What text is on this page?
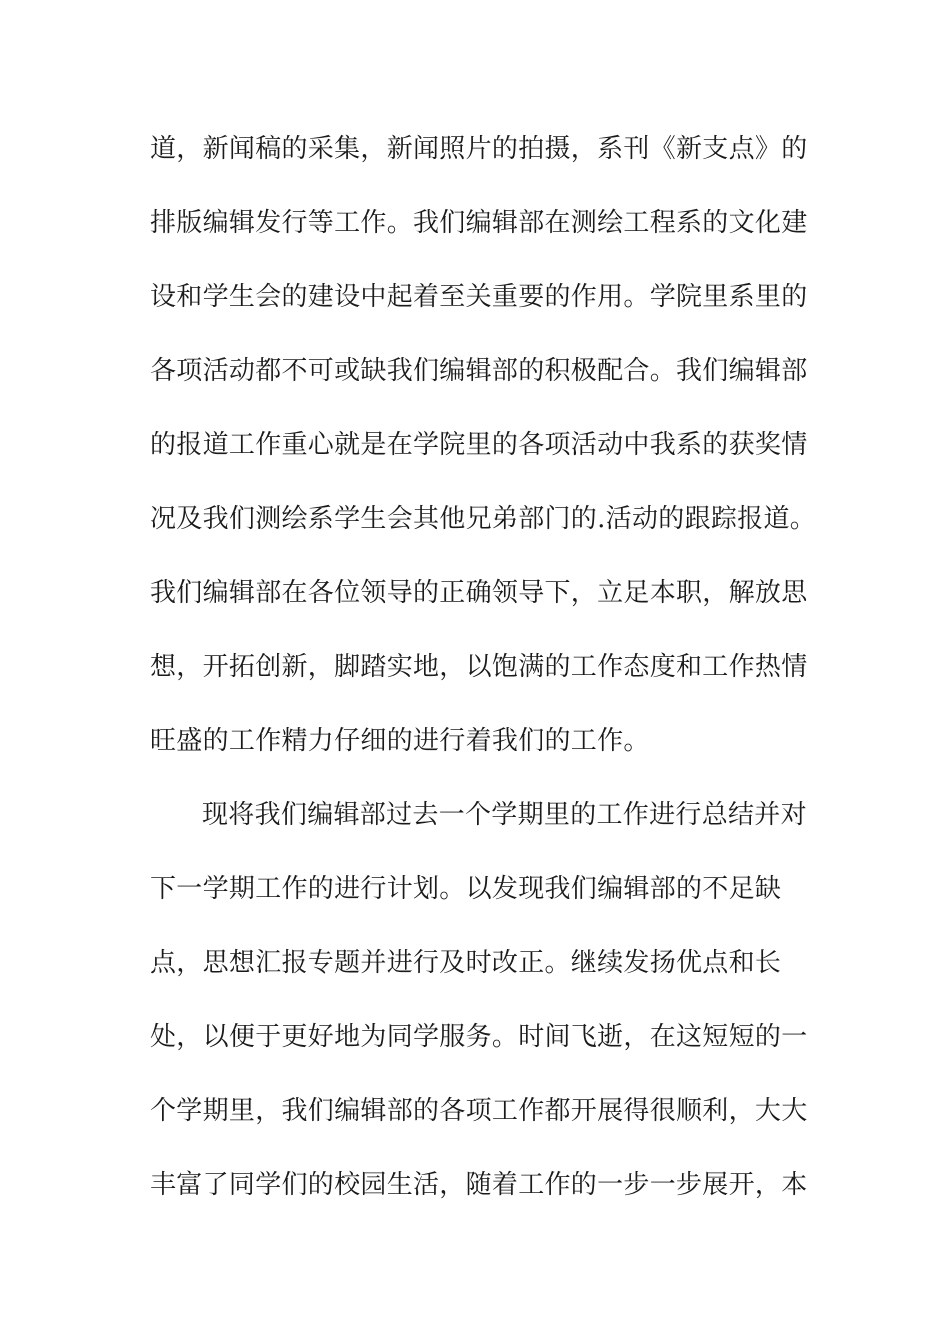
道，新闻稿的采集，新闻照片的拍摄，系刊《新支点》的
排版编辑发行等工作。我们编辑部在测绘工程系的文化建
设和学生会的建设中起着至关重要的作用。学院里系里的
各项活动都不可或缺我们编辑部的积极配合。我们编辑部
的报道工作重心就是在学院里的各项活动中我系的获奖情
况及我们测绘系学生会其他兄弟部门的.活动的跟踪报道。
我们编辑部在各位领导的正确领导下，立足本职，解放思
想，开拓创新，脚踏实地，以饱满的工作态度和工作热情
旺盛的工作精力仔细的进行着我们的工作。
现将我们编辑部过去一个学期里的工作进行总结并对
下一学期工作的进行计划。以发现我们编辑部的不足缺
点，思想汇报专题并进行及时改正。继续发扬优点和长
处，以便于更好地为同学服务。时间飞逝，在这短短的一
个学期里，我们编辑部的各项工作都开展得很顺利，大大
丰富了同学们的校园生活，随着工作的一步一步展开，本
